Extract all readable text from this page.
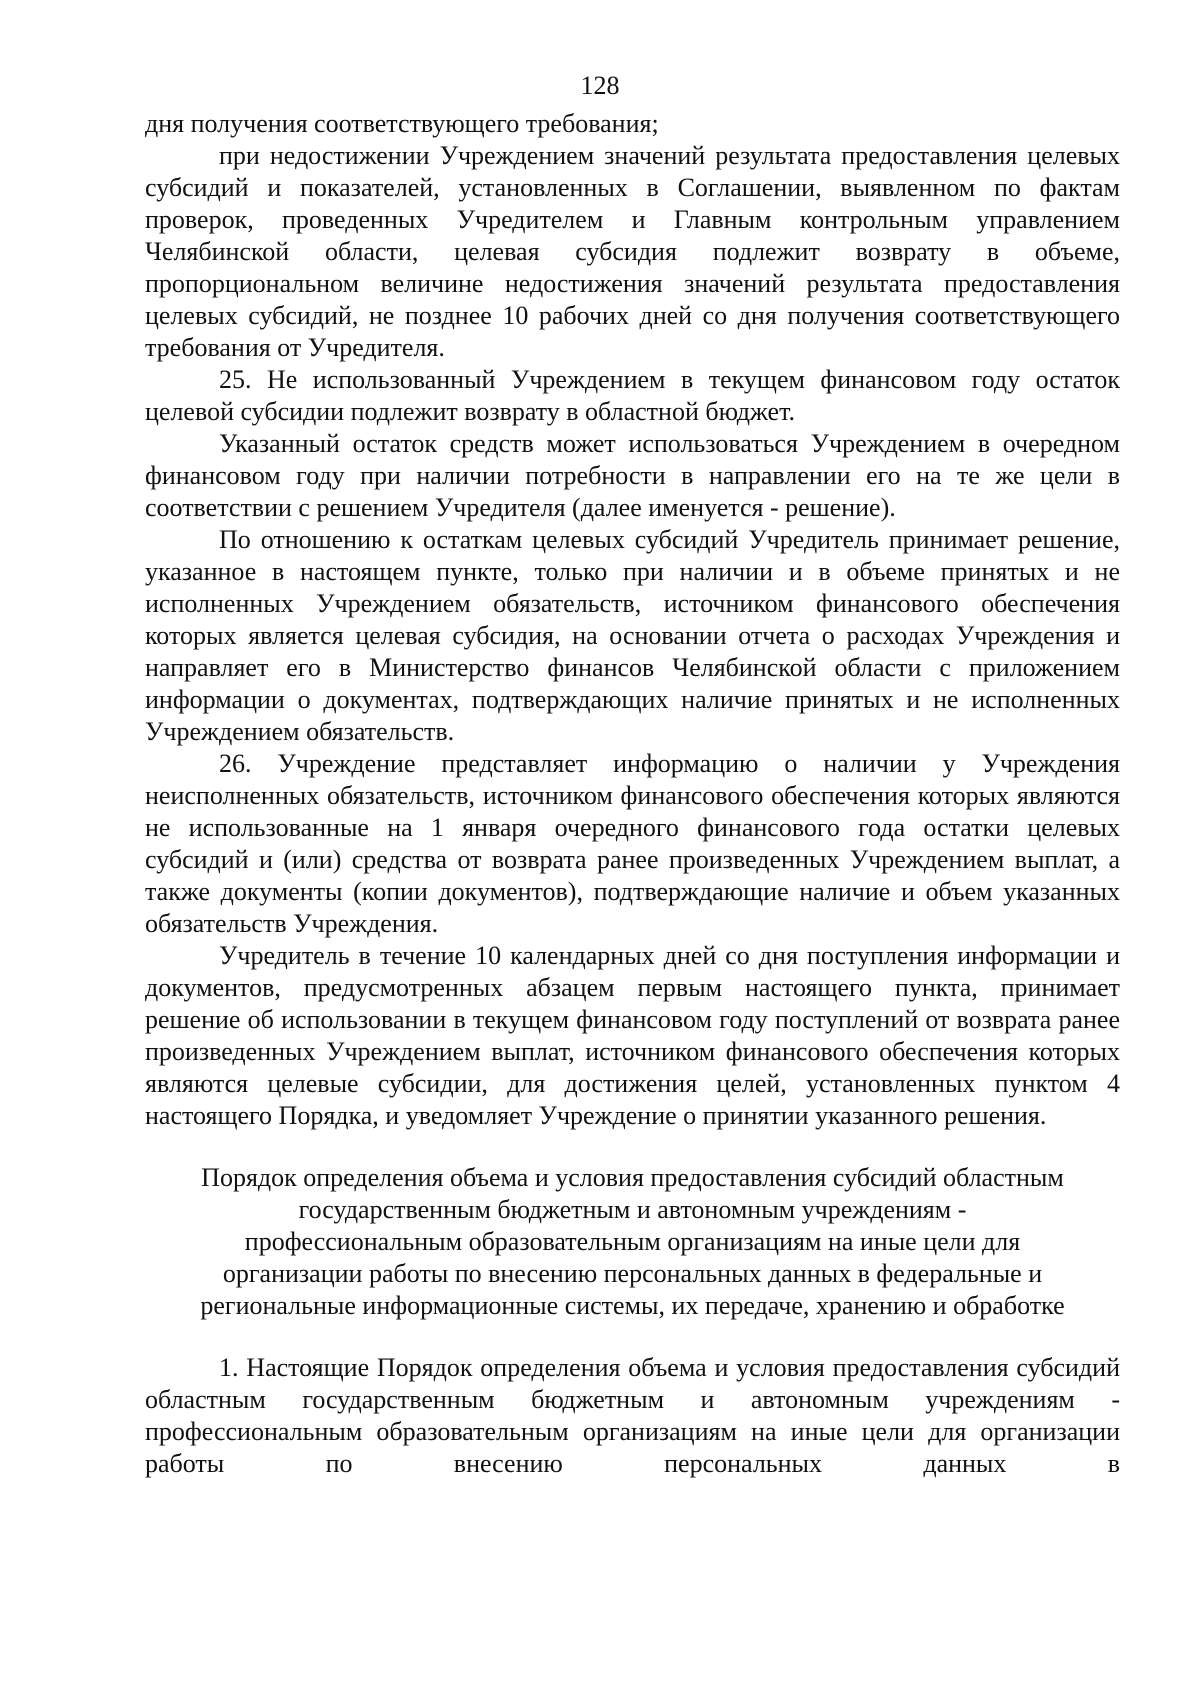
128

дня получения соответствующего требования;

при недостижении Учреждением значений результата предоставления целевых субсидий и показателей, установленных в Соглашении, выявленном по фактам проверок, проведенных Учредителем и Главным контрольным управлением Челябинской области, целевая субсидия подлежит возврату в объеме, пропорциональном величине недостижения значений результата предоставления целевых субсидий, не позднее 10 рабочих дней со дня получения соответствующего требования от Учредителя.

25. Не использованный Учреждением в текущем финансовом году остаток целевой субсидии подлежит возврату в областной бюджет.

Указанный остаток средств может использоваться Учреждением в очередном финансовом году при наличии потребности в направлении его на те же цели в соответствии с решением Учредителя (далее именуется - решение).

По отношению к остаткам целевых субсидий Учредитель принимает решение, указанное в настоящем пункте, только при наличии и в объеме принятых и не исполненных Учреждением обязательств, источником финансового обеспечения которых является целевая субсидия, на основании отчета о расходах Учреждения и направляет его в Министерство финансов Челябинской области с приложением информации о документах, подтверждающих наличие принятых и не исполненных Учреждением обязательств.

26. Учреждение представляет информацию о наличии у Учреждения неисполненных обязательств, источником финансового обеспечения которых являются не использованные на 1 января очередного финансового года остатки целевых субсидий и (или) средства от возврата ранее произведенных Учреждением выплат, а также документы (копии документов), подтверждающие наличие и объем указанных обязательств Учреждения.

Учредитель в течение 10 календарных дней со дня поступления информации и документов, предусмотренных абзацем первым настоящего пункта, принимает решение об использовании в текущем финансовом году поступлений от возврата ранее произведенных Учреждением выплат, источником финансового обеспечения которых являются целевые субсидии, для достижения целей, установленных пунктом 4 настоящего Порядка, и уведомляет Учреждение о принятии указанного решения.

Порядок определения объема и условия предоставления субсидий областным
государственным бюджетным и автономным учреждениям -
профессиональным образовательным организациям на иные цели для
организации работы по внесению персональных данных в федеральные и
региональные информационные системы, их передаче, хранению и обработке

1. Настоящие Порядок определения объема и условия предоставления субсидий областным государственным бюджетным и автономным учреждениям - профессиональным образовательным организациям на иные цели для организации работы по внесению персональных данных в
